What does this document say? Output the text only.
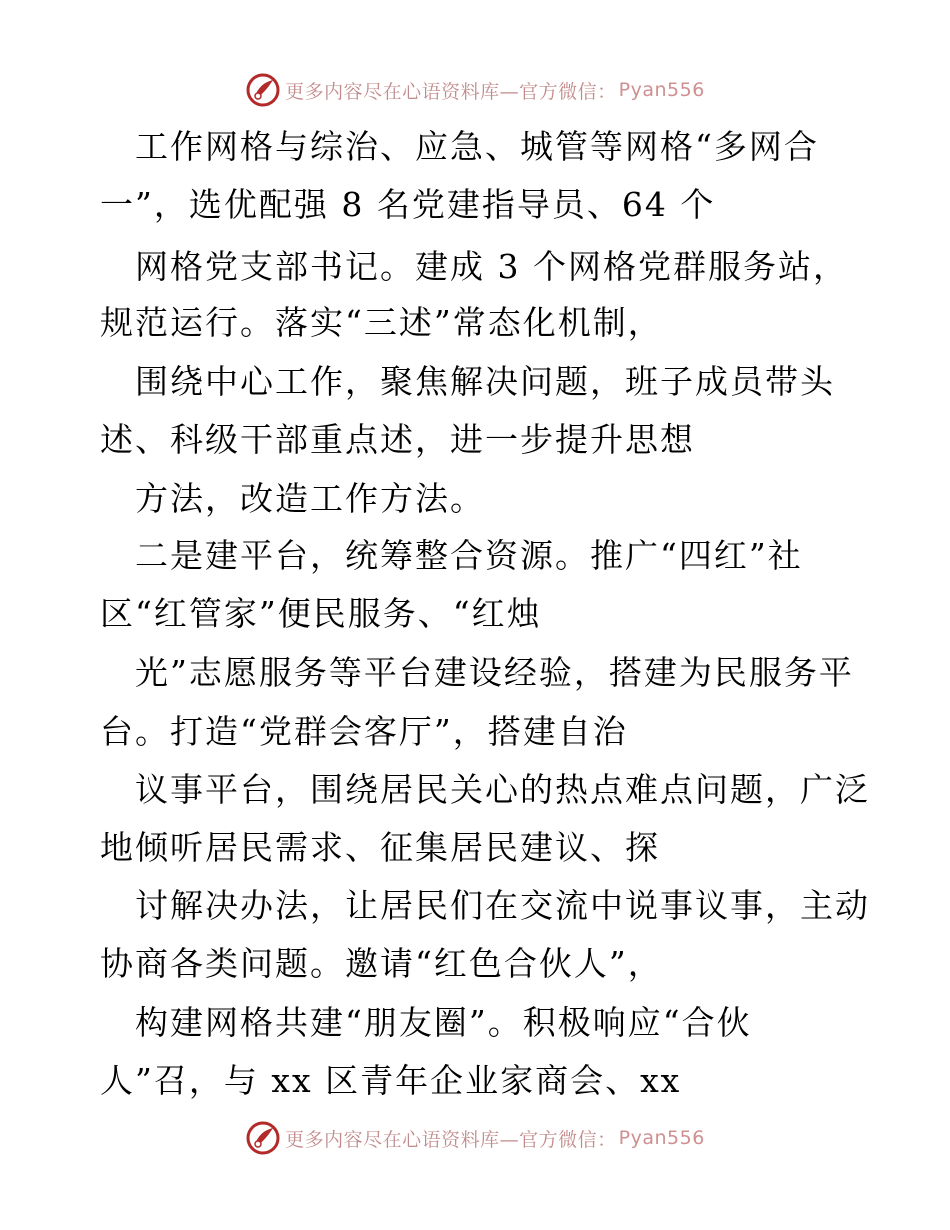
更多内容尽在心语资料库—官方微信： Pyan556
工作网格与综治、应急、城管等网格“多网合
一”，选优配强 8 名党建指导员、64 个
网格党支部书记。建成 3 个网格党群服务站，
规范运行。落实“三述”常态化机制，
围绕中心工作，聚焦解决问题，班子成员带头
述、科级干部重点述，进一步提升思想
方法，改造工作方法。
二是建平台，统筹整合资源。推广“四红”社
区“红管家”便民服务、“红烛
光”志愿服务等平台建设经验，搭建为民服务平
台。打造“党群会客厅”，搭建自治
议事平台，围绕居民关心的热点难点问题，广泛
地倾听居民需求、征集居民建议、探
讨解决办法，让居民们在交流中说事议事，主动
协商各类问题。邀请“红色合伙人”，
构建网格共建“朋友圈”。积极响应“合伙
人”召，与 xx 区青年企业家商会、xx
更多内容尽在心语资料库—官方微信： Pyan556
